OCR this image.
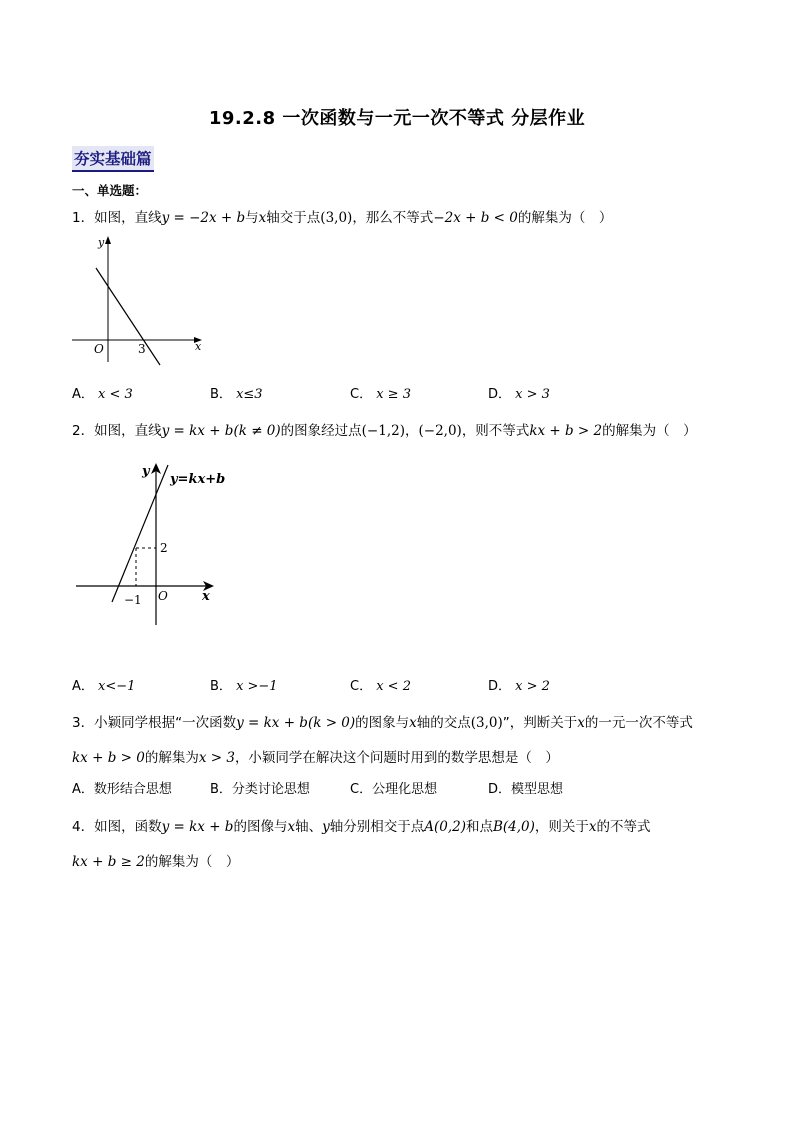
19.2.8 一次函数与一元一次不等式 分层作业
夯实基础篇
一、单选题：
1．如图，直线y = −2x + b与x轴交于点(3,0)，那么不等式−2x + b < 0的解集为（　）
y
x
O	3
A． x < 3	B． x≤3	C． x ≥ 3	D． x > 3
2．如图，直线y = kx + b(k ≠ 0)的图象经过点(−1,2)，(−2,0)，则不等式kx + b > 2的解集为（　）
y
y=kx+b
2
−1 O	x
A． x<−1	B． x >−1	C． x < 2	D． x > 2
3．小颖同学根据“一次函数y = kx + b(k > 0)的图象与x轴的交点(3,0)”，判断关于x的一元一次不等式
kx + b > 0的解集为x > 3，小颖同学在解决这个问题时用到的数学思想是（　）
A．数形结合思想	B．分类讨论思想	C．公理化思想	D．模型思想
4．如图，函数y = kx + b的图像与x轴、y轴分别相交于点A(0,2)和点B(4,0)，则关于x的不等式
kx + b ≥ 2的解集为（　）
